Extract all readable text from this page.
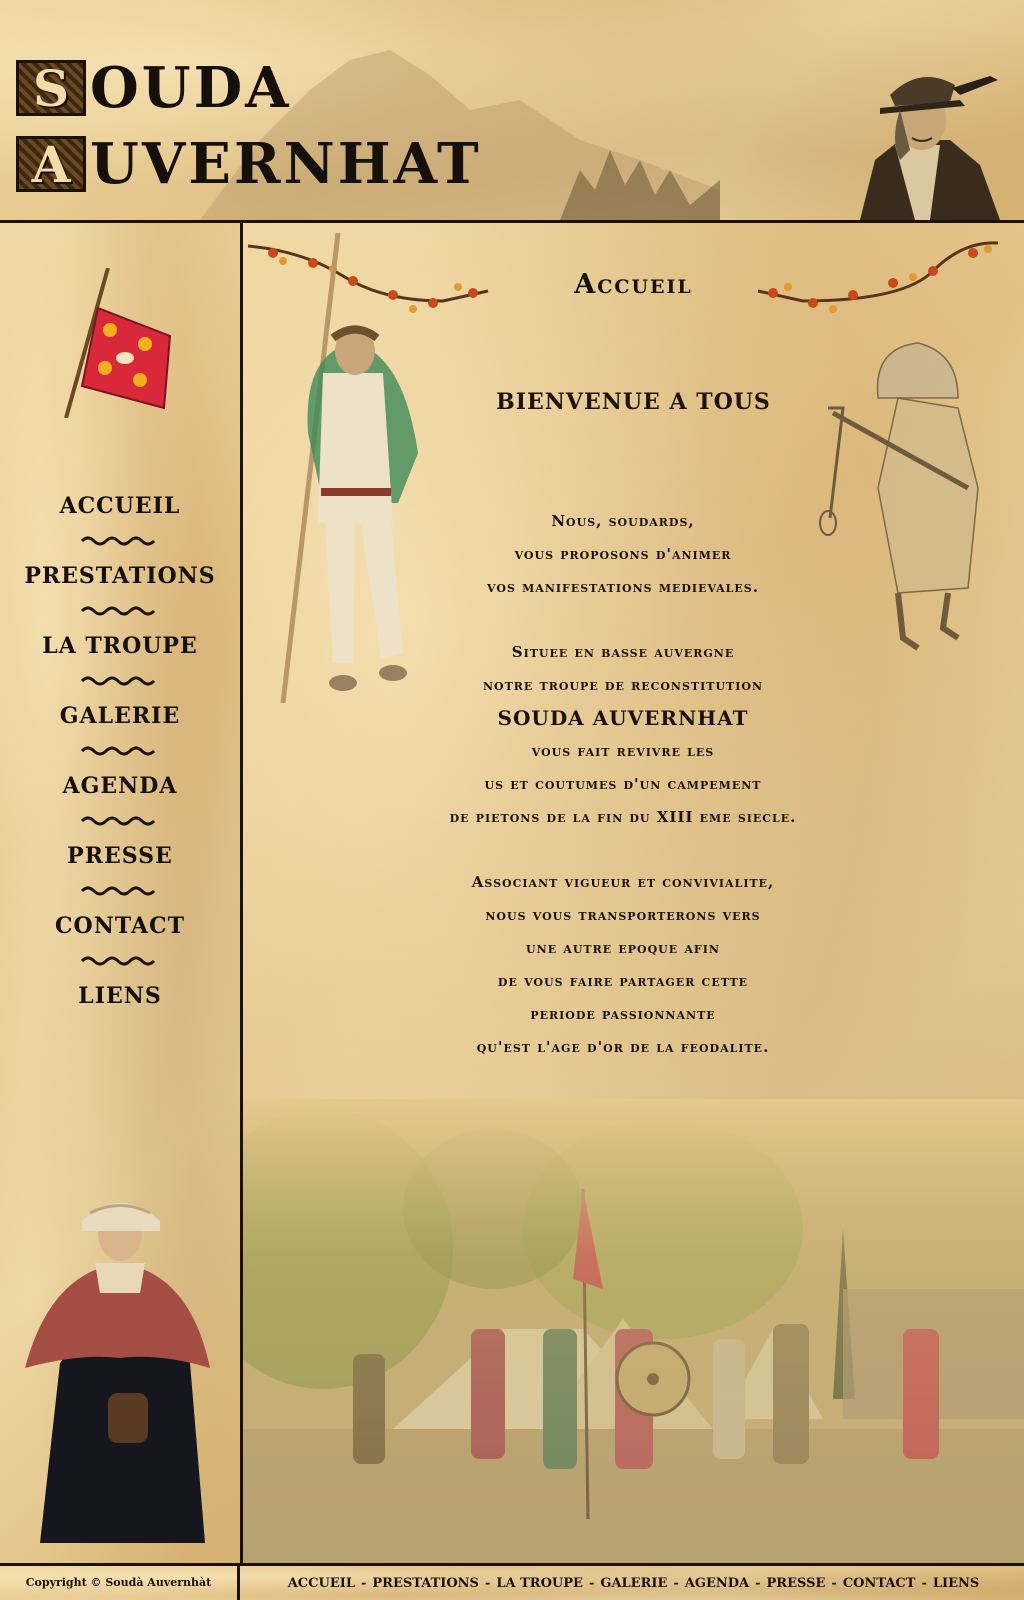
S OUDA
A UVERNHAT
ACCUEIL
PRESTATIONS
LA TROUPE
GALERIE
AGENDA
PRESSE
CONTACT
LIENS
Accueil
BIENVENUE A TOUS
Nous, soudards,
vous proposons d'animer
vos manifestations medievales.
Situee en basse auvergne
notre troupe de reconstitution
SOUDA AUVERNHAT
vous fait revivre les
us et coutumes d'un campement
de pietons de la fin du XIII eme siecle.
Associant vigueur et convivialite,
nous vous transporterons vers
une autre epoque afin
de vous faire partager cette
periode passionnante
qu'est l'age d'or de la feodalite.
Copyright © Soudà Auvernhàt	ACCUEIL - PRESTATIONS - LA TROUPE - GALERIE - AGENDA - PRESSE - CONTACT - LIENS
